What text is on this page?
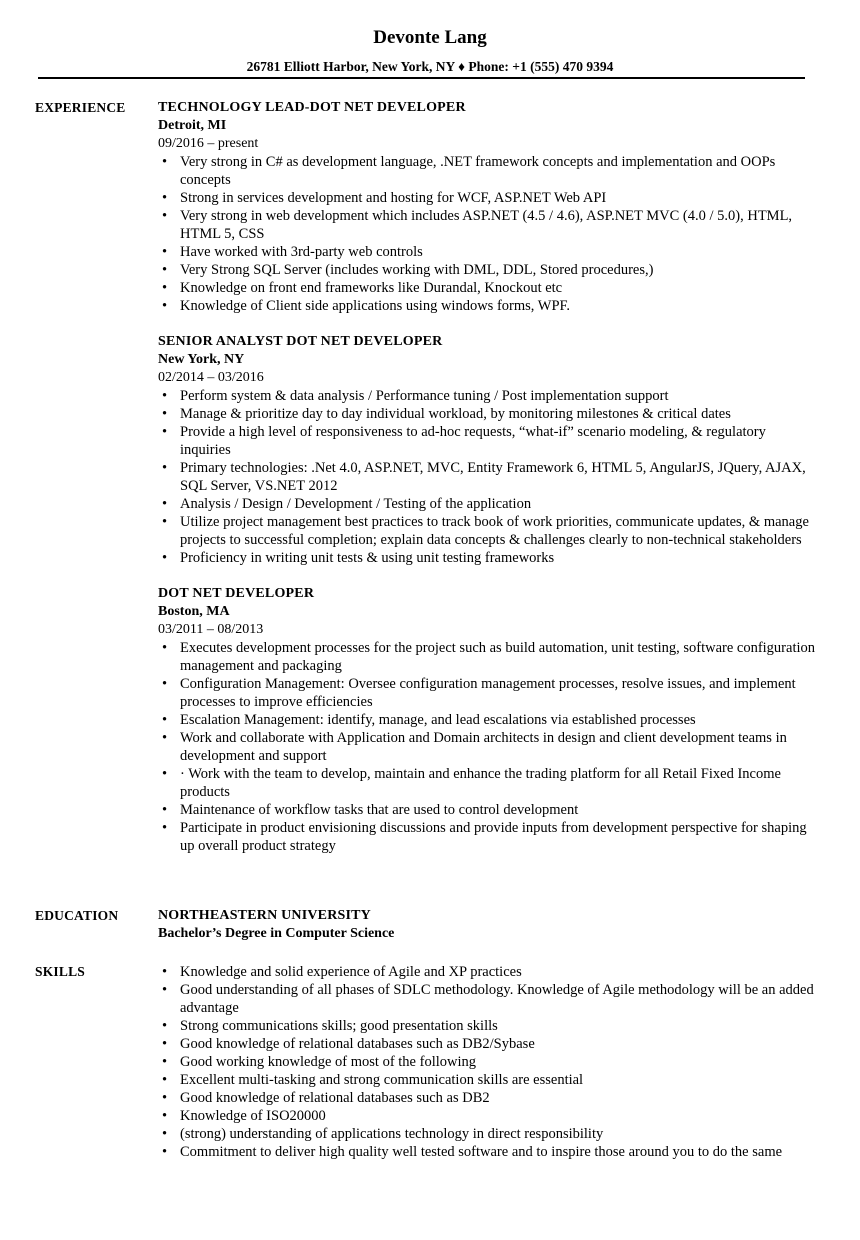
Devonte Lang
26781 Elliott Harbor, New York, NY ♦ Phone: +1 (555) 470 9394
EXPERIENCE TECHNOLOGY LEAD-DOT NET DEVELOPER
Detroit, MI
09/2016 – present
• Very strong in C# as development language, .NET framework concepts and implementation and OOPs concepts
• Strong in services development and hosting for WCF, ASP.NET Web API
• Very strong in web development which includes ASP.NET (4.5 / 4.6), ASP.NET MVC (4.0 / 5.0), HTML, HTML 5, CSS
• Have worked with 3rd-party web controls
• Very Strong SQL Server (includes working with DML, DDL, Stored procedures,)
• Knowledge on front end frameworks like Durandal, Knockout etc
• Knowledge of Client side applications using windows forms, WPF.
SENIOR ANALYST DOT NET DEVELOPER
New York, NY
02/2014 – 03/2016
• Perform system & data analysis / Performance tuning / Post implementation support
• Manage & prioritize day to day individual workload, by monitoring milestones & critical dates
• Provide a high level of responsiveness to ad-hoc requests, “what-if” scenario modeling, & regulatory inquiries
• Primary technologies: .Net 4.0, ASP.NET, MVC, Entity Framework 6, HTML 5, AngularJS, JQuery, AJAX, SQL Server, VS.NET 2012
• Analysis / Design / Development / Testing of the application
• Utilize project management best practices to track book of work priorities, communicate updates, & manage projects to successful completion; explain data concepts & challenges clearly to non-technical stakeholders
• Proficiency in writing unit tests & using unit testing frameworks
DOT NET DEVELOPER
Boston, MA
03/2011 – 08/2013
• Executes development processes for the project such as build automation, unit testing, software configuration management and packaging
• Configuration Management: Oversee configuration management processes, resolve issues, and implement processes to improve efficiencies
• Escalation Management: identify, manage, and lead escalations via established processes
• Work and collaborate with Application and Domain architects in design and client development teams in development and support
• · Work with the team to develop, maintain and enhance the trading platform for all Retail Fixed Income products
• Maintenance of workflow tasks that are used to control development
• Participate in product envisioning discussions and provide inputs from development perspective for shaping up overall product strategy
EDUCATION	NORTHEASTERN UNIVERSITY
Bachelor’s Degree in Computer Science
SKILLS	• Knowledge and solid experience of Agile and XP practices
• Good understanding of all phases of SDLC methodology. Knowledge of Agile methodology will be an added advantage
• Strong communications skills; good presentation skills
• Good knowledge of relational databases such as DB2/Sybase
• Good working knowledge of most of the following
• Excellent multi-tasking and strong communication skills are essential
• Good knowledge of relational databases such as DB2
• Knowledge of ISO20000
• (strong) understanding of applications technology in direct responsibility
• Commitment to deliver high quality well tested software and to inspire those around you to do the same
